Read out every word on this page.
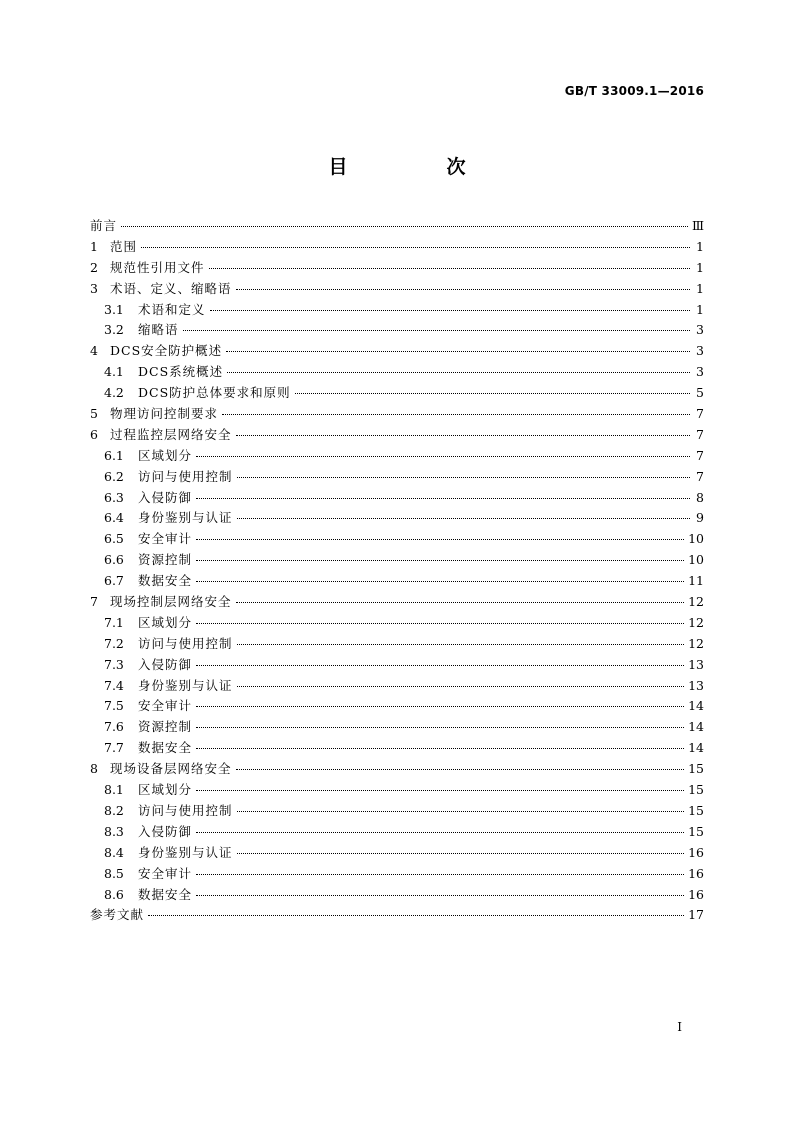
GB/T 33009.1—2016
目　次
前言	Ⅲ
1 范围	1
2 规范性引用文件	1
3 术语、定义、缩略语	1
3.1	术语和定义	1
3.2	缩略语	3
4 DCS安全防护概述	3
4.1	DCS系统概述	3
4.2	DCS防护总体要求和原则	5
5 物理访问控制要求	7
6 过程监控层网络安全	7
6.1	区域划分	7
6.2	访问与使用控制	7
6.3	入侵防御	8
6.4	身份鉴别与认证	9
6.5	安全审计	10
6.6	资源控制	10
6.7	数据安全	11
7 现场控制层网络安全	12
7.1	区域划分	12
7.2	访问与使用控制	12
7.3	入侵防御	13
7.4	身份鉴别与认证	13
7.5	安全审计	14
7.6	资源控制	14
7.7	数据安全	14
8 现场设备层网络安全	15
8.1	区域划分	15
8.2	访问与使用控制	15
8.3	入侵防御	15
8.4	身份鉴别与认证	16
8.5	安全审计	16
8.6	数据安全	16
参考文献	17
I
